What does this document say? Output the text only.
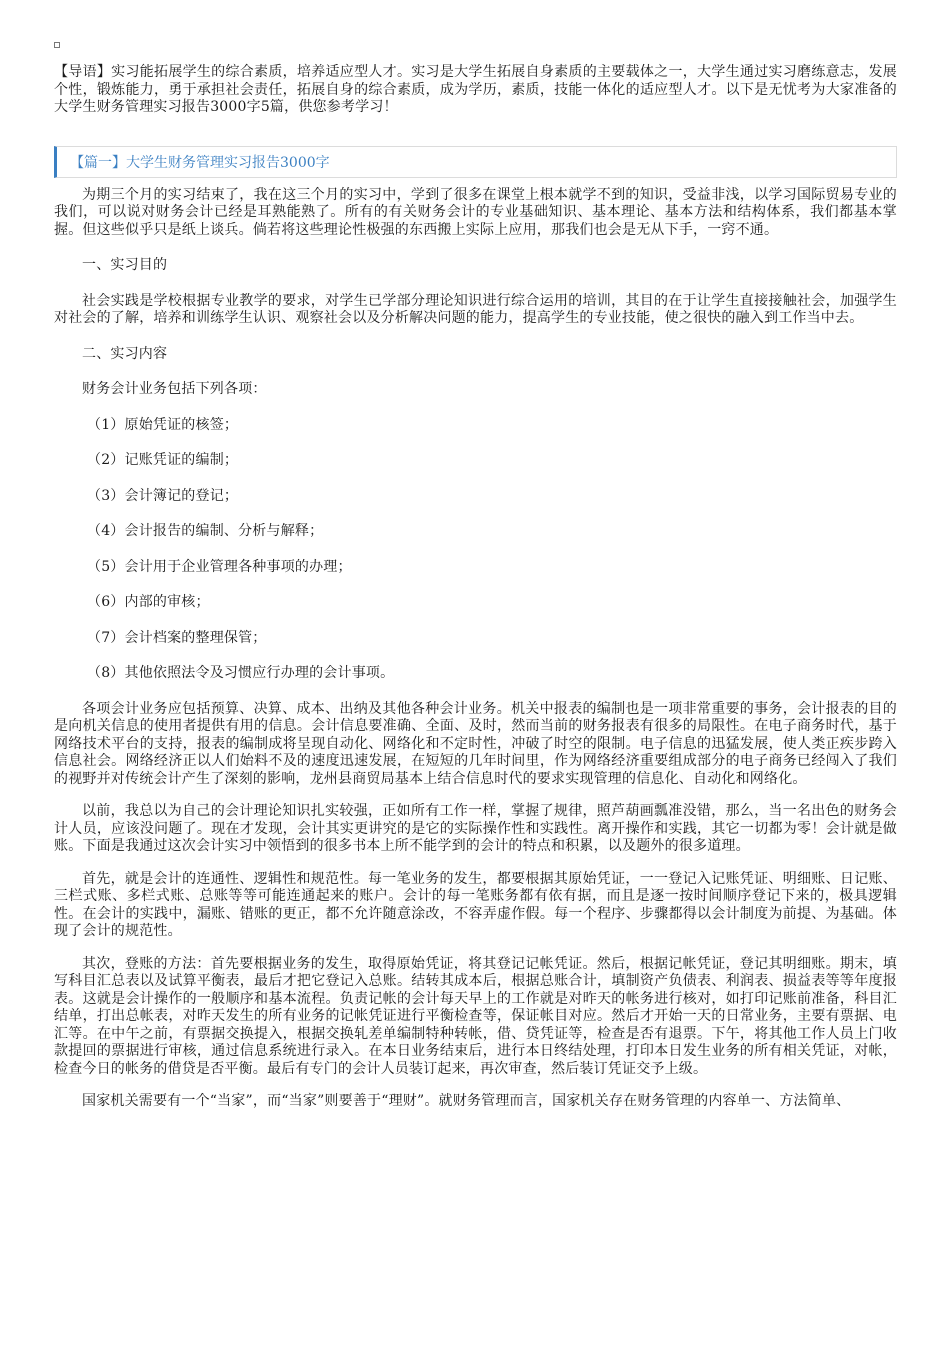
【导语】实习能拓展学生的综合素质，培养适应型人才。实习是大学生拓展自身素质的主要载体之一，大学生通过实习磨练意志，发展个性，锻炼能力，勇于承担社会责任，拓展自身的综合素质，成为学历，素质，技能一体化的适应型人才。以下是无忧考为大家准备的大学生财务管理实习报告3000字5篇，供您参考学习！

【篇一】大学生财务管理实习报告3000字

为期三个月的实习结束了，我在这三个月的实习中，学到了很多在课堂上根本就学不到的知识，受益非浅，以学习国际贸易专业的我们，可以说对财务会计已经是耳熟能熟了。所有的有关财务会计的专业基础知识、基本理论、基本方法和结构体系，我们都基本掌握。但这些似乎只是纸上谈兵。倘若将这些理论性极强的东西搬上实际上应用，那我们也会是无从下手，一窍不通。

一、实习目的

社会实践是学校根据专业教学的要求，对学生已学部分理论知识进行综合运用的培训，其目的在于让学生直接接触社会，加强学生对社会的了解，培养和训练学生认识、观察社会以及分析解决问题的能力，提高学生的专业技能，使之很快的融入到工作当中去。

二、实习内容

财务会计业务包括下列各项：

（1）原始凭证的核签；

（2）记账凭证的编制；

（3）会计簿记的登记；

（4）会计报告的编制、分析与解释；

（5）会计用于企业管理各种事项的办理；

（6）内部的审核；

（7）会计档案的整理保管；

（8）其他依照法令及习惯应行办理的会计事项。

各项会计业务应包括预算、决算、成本、出纳及其他各种会计业务。机关中报表的编制也是一项非常重要的事务，会计报表的目的是向机关信息的使用者提供有用的信息。会计信息要准确、全面、及时，然而当前的财务报表有很多的局限性。在电子商务时代，基于网络技术平台的支持，报表的编制成将呈现自动化、网络化和不定时性，冲破了时空的限制。电子信息的迅猛发展，使人类正疾步跨入信息社会。网络经济正以人们始料不及的速度迅速发展，在短短的几年时间里，作为网络经济重要组成部分的电子商务已经闯入了我们的视野并对传统会计产生了深刻的影响，龙州县商贸局基本上结合信息时代的要求实现管理的信息化、自动化和网络化。

以前，我总以为自己的会计理论知识扎实较强，正如所有工作一样，掌握了规律，照芦葫画瓢准没错，那么，当一名出色的财务会计人员，应该没问题了。现在才发现，会计其实更讲究的是它的实际操作性和实践性。离开操作和实践，其它一切都为零！会计就是做账。下面是我通过这次会计实习中领悟到的很多书本上所不能学到的会计的特点和积累，以及题外的很多道理。

首先，就是会计的连通性、逻辑性和规范性。每一笔业务的发生，都要根据其原始凭证，一一登记入记账凭证、明细账、日记账、三栏式账、多栏式账、总账等等可能连通起来的账户。会计的每一笔账务都有依有据，而且是逐一按时间顺序登记下来的，极具逻辑性。在会计的实践中，漏账、错账的更正，都不允许随意涂改，不容弄虚作假。每一个程序、步骤都得以会计制度为前提、为基础。体现了会计的规范性。

其次，登账的方法：首先要根据业务的发生，取得原始凭证，将其登记记帐凭证。然后，根据记帐凭证，登记其明细账。期末，填写科目汇总表以及试算平衡表，最后才把它登记入总账。结转其成本后，根据总账合计，填制资产负债表、利润表、损益表等等年度报表。这就是会计操作的一般顺序和基本流程。负责记帐的会计每天早上的工作就是对昨天的帐务进行核对，如打印记账前准备，科目汇结单，打出总帐表，对昨天发生的所有业务的记帐凭证进行平衡检查等，保证帐目对应。然后才开始一天的日常业务，主要有票据、电汇等。在中午之前，有票据交换提入，根据交换轧差单编制特种转帐，借、贷凭证等，检查是否有退票。下午，将其他工作人员上门收款提回的票据进行审核，通过信息系统进行录入。在本日业务结束后，进行本日终结处理，打印本日发生业务的所有相关凭证，对帐，检查今日的帐务的借贷是否平衡。最后有专门的会计人员装订起来，再次审查，然后装订凭证交予上级。

国家机关需要有一个“当家”，而“当家”则要善于“理财”。就财务管理而言，国家机关存在财务管理的内容单一、方法简单、
